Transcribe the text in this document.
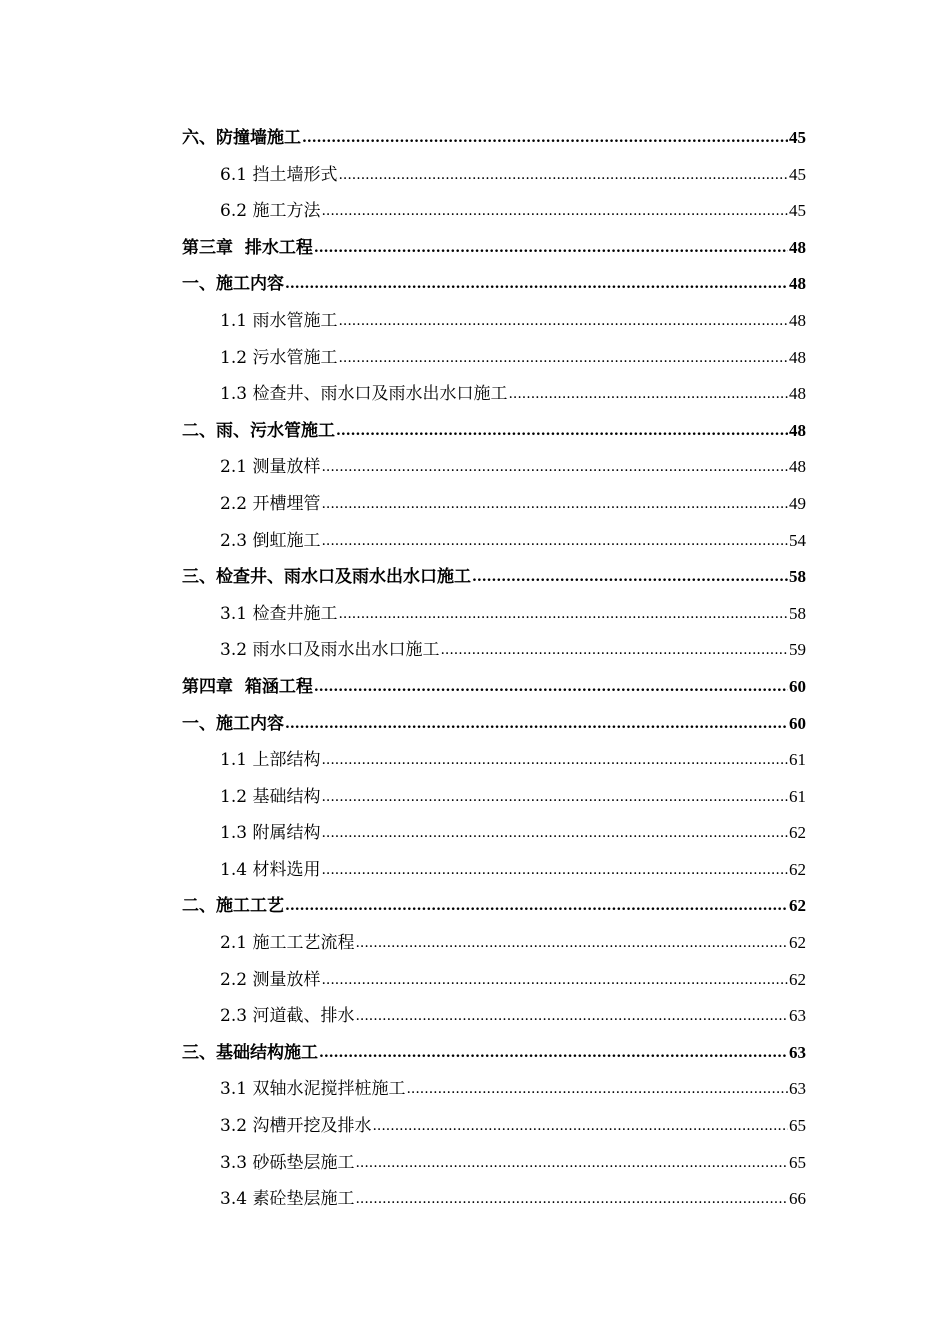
六、防撞墙施工 .....	45
6.1 挡土墙形式 .....	45
6.2 施工方法 .....	45
第三章  排水工程 .....	48
一、施工内容 .....	48
1.1 雨水管施工 .....	48
1.2 污水管施工 .....	48
1.3 检查井、雨水口及雨水出水口施工 .....	48
二、雨、污水管施工 .....	48
2.1 测量放样 .....	48
2.2 开槽埋管 .....	49
2.3 倒虹施工 .....	54
三、检查井、雨水口及雨水出水口施工 .....	58
3.1 检查井施工 .....	58
3.2 雨水口及雨水出水口施工 .....	59
第四章  箱涵工程 .....	60
一、施工内容 .....	60
1.1 上部结构 .....	61
1.2 基础结构 .....	61
1.3 附属结构 .....	62
1.4 材料选用 .....	62
二、施工工艺 .....	62
2.1 施工工艺流程 .....	62
2.2 测量放样 .....	62
2.3 河道截、排水 .....	63
三、基础结构施工 .....	63
3.1 双轴水泥搅拌桩施工 .....	63
3.2 沟槽开挖及排水 .....	65
3.3 砂砾垫层施工 .....	65
3.4 素砼垫层施工 .....	66
